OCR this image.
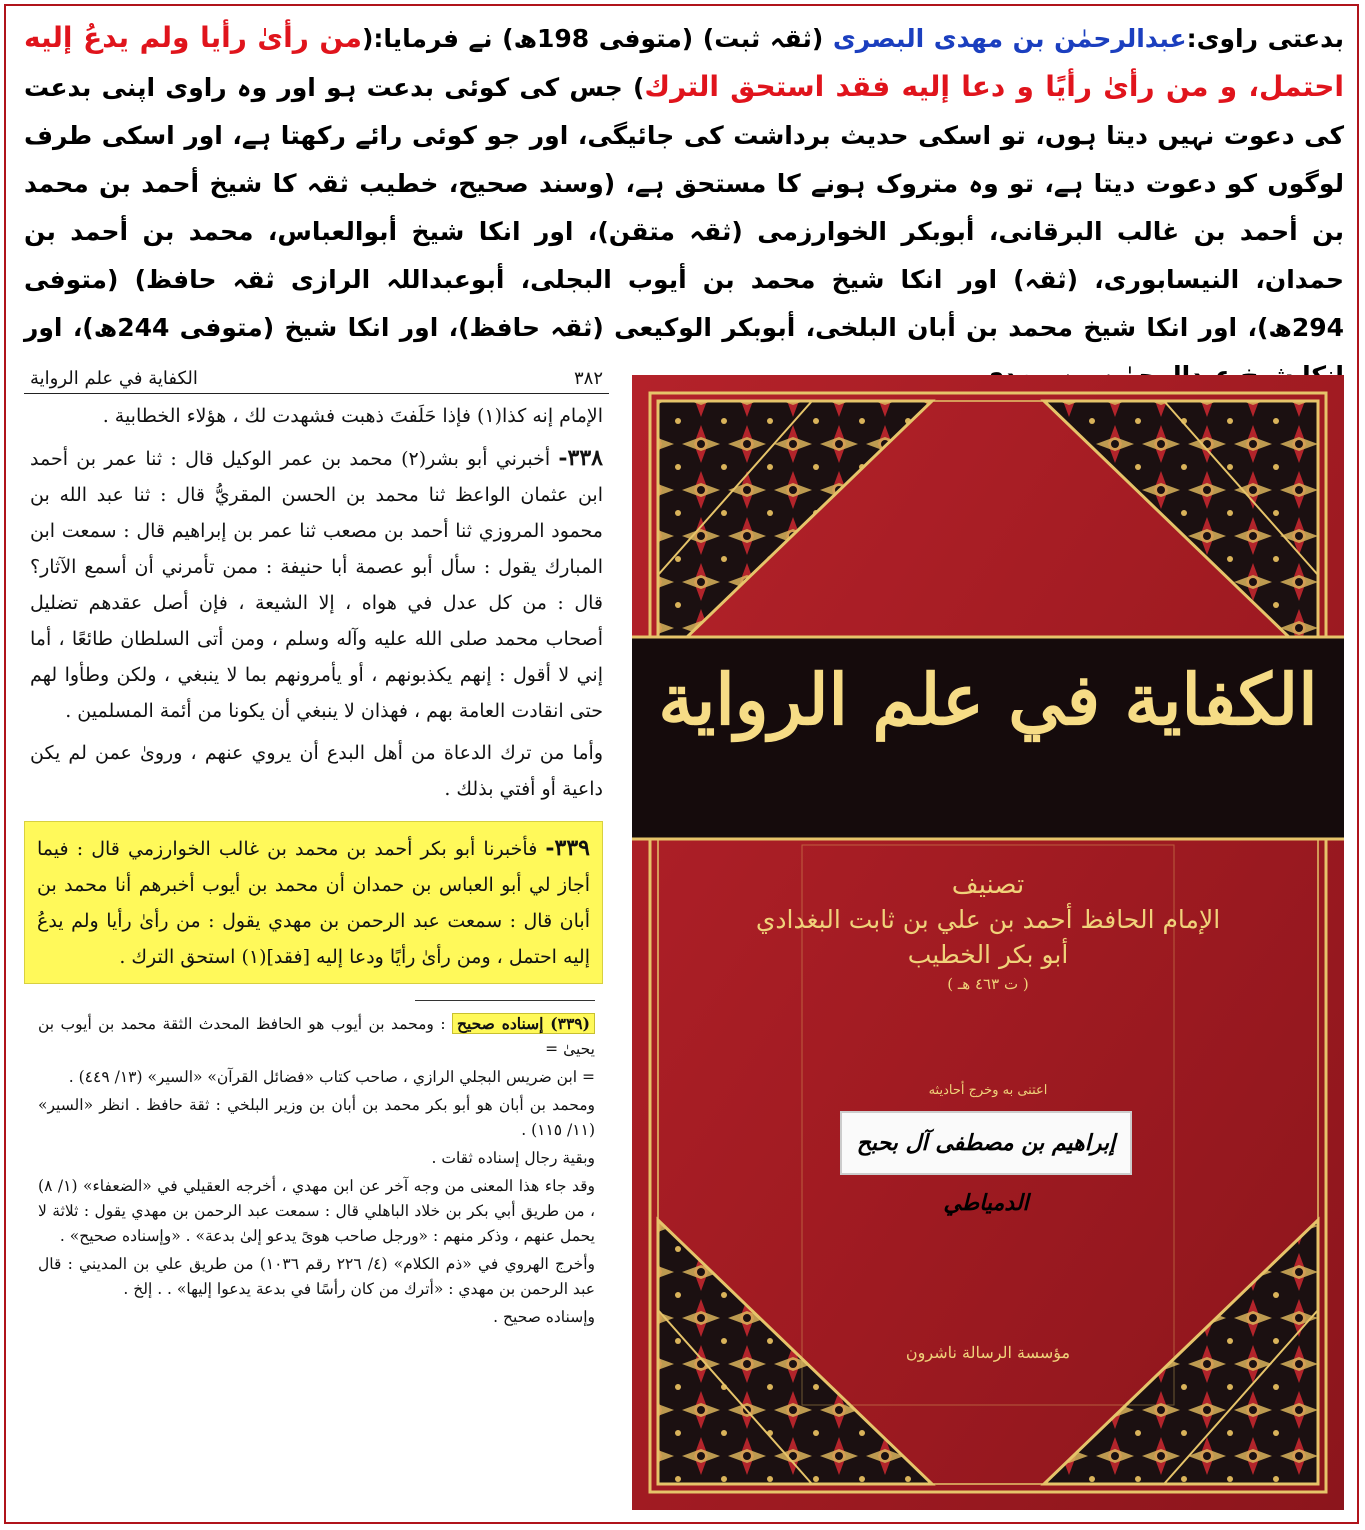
بدعتی راوی:عبدالرحمٰن بن مهدی البصری (ثقہ ثبت) (متوفی 198ھ) نے فرمایا:(من رأیٰ رأیا ولم یدعُ إلیه احتمل، و من رأیٰ رأیًا و دعا إلیه فقد استحق الترك) جس کی کوئی بدعت ہو اور وہ راوی اپنی بدعت کی دعوت نہیں دیتا ہوں، تو اسکی حدیث برداشت کی جائیگی، اور جو کوئی رائے رکھتا ہے، اور اسکی طرف لوگوں کو دعوت دیتا ہے، تو وہ متروک ہونے کا مستحق ہے، (وسند صحیح، خطیب ثقہ کا شیخ أحمد بن محمد بن أحمد بن غالب البرقانی، أبوبکر الخوارزمی (ثقہ متقن)، اور انکا شیخ أبوالعباس، محمد بن أحمد بن حمدان، النیسابوری، (ثقہ) اور انکا شیخ محمد بن أیوب البجلی، أبوعبداللہ الرازی ثقہ حافظ) (متوفی 294ھ)، اور انکا شیخ محمد بن أبان البلخی، أبوبکر الوکیعی (ثقہ حافظ)، اور انکا شیخ (متوفی 244ھ)، اور
٣٨٢
الكفاية في علم الرواية

الإمام إنه كذا(١) فإذا حَلَفتَ ذهبت فشهدت لك ، هؤلاء الخطابية .

٣٣٨- أخبرني أبو بشر(٢) محمد بن عمر الوكيل قال : ثنا عمر بن أحمد ابن عثمان الواعظ ثنا محمد بن الحسن المقريُّ قال : ثنا عبد الله بن محمود المروزي ثنا أحمد بن مصعب ثنا عمر بن إبراهيم قال : سمعت ابن المبارك يقول : سأل أبو عصمة أبا حنيفة : ممن تأمرني أن أسمع الآثار؟ قال : من كل عدل في هواه ، إلا الشيعة ، فإن أصل عقدهم تضليل أصحاب محمد صلى الله عليه وآله وسلم ، ومن أتى السلطان طائعًا ، أما إني لا أقول : إنهم يكذبونهم ، أو يأمرونهم بما لا ينبغي ، ولكن وطأوا لهم حتى انقادت العامة بهم ، فهذان لا ينبغي أن يكونا من أئمة المسلمين .

وأما من ترك الدعاة من أهل البدع أن يروي عنهم ، وروىٰ عمن لم يكن داعية أو أفتي بذلك .

٣٣٩- فأخبرنا أبو بكر أحمد بن محمد بن غالب الخوارزمي قال : فيما أجاز لي أبو العباس بن حمدان أن محمد بن أيوب أخبرهم أنا محمد بن أبان قال : سمعت عبد الرحمن بن مهدي يقول : من رأىٰ رأيا ولم يدعُ إليه احتمل ، ومن رأىٰ رأيًا ودعا إليه [فقد](١) استحق الترك .

(٣٣٩) إسناده صحيح : ومحمد بن أيوب هو الحافظ المحدث الثقة محمد بن أيوب بن يحيىٰ =

= ابن ضريس البجلي الرازي ، صاحب كتاب «فضائل القرآن» «السير» (١٣/ ٤٤٩) .

ومحمد بن أبان هو أبو بكر محمد بن أبان بن وزير البلخي : ثقة حافظ . انظر «السير» (١١/ ١١٥) .

وبقية رجال إسناده ثقات .

وقد جاء هذا المعنى من وجه آخر عن ابن مهدي ، أخرجه العقيلي في «الضعفاء» (١/ ٨) ، من طريق أبي بكر بن خلاد الباهلي قال : سمعت عبد الرحمن بن مهدي يقول : ثلاثة لا يحمل عنهم ، وذكر منهم : «ورجل صاحب هوىً يدعو إلىٰ بدعة» . «وإسناده صحيح» .

وأخرج الهروي في «ذم الكلام» (٤/ ٢٢٦ رقم ١٠٣٦) من طريق علي بن المديني : قال عبد الرحمن بن مهدي : «أترك من كان رأسًا في بدعة يدعوا إليها» . . إلخ .

وإسناده صحيح .

الكفاية في علم الرواية
تصنيف
الإمام الحافظ أحمد بن علي بن ثابت البغدادي
أبو بكر الخطيب
( ت ٤٦٣ هـ )
اعتنى به وخرج أحاديثه
إبراهيم بن مصطفى آل بحبح الدمياطي
مؤسسة الرسالة ناشرون
